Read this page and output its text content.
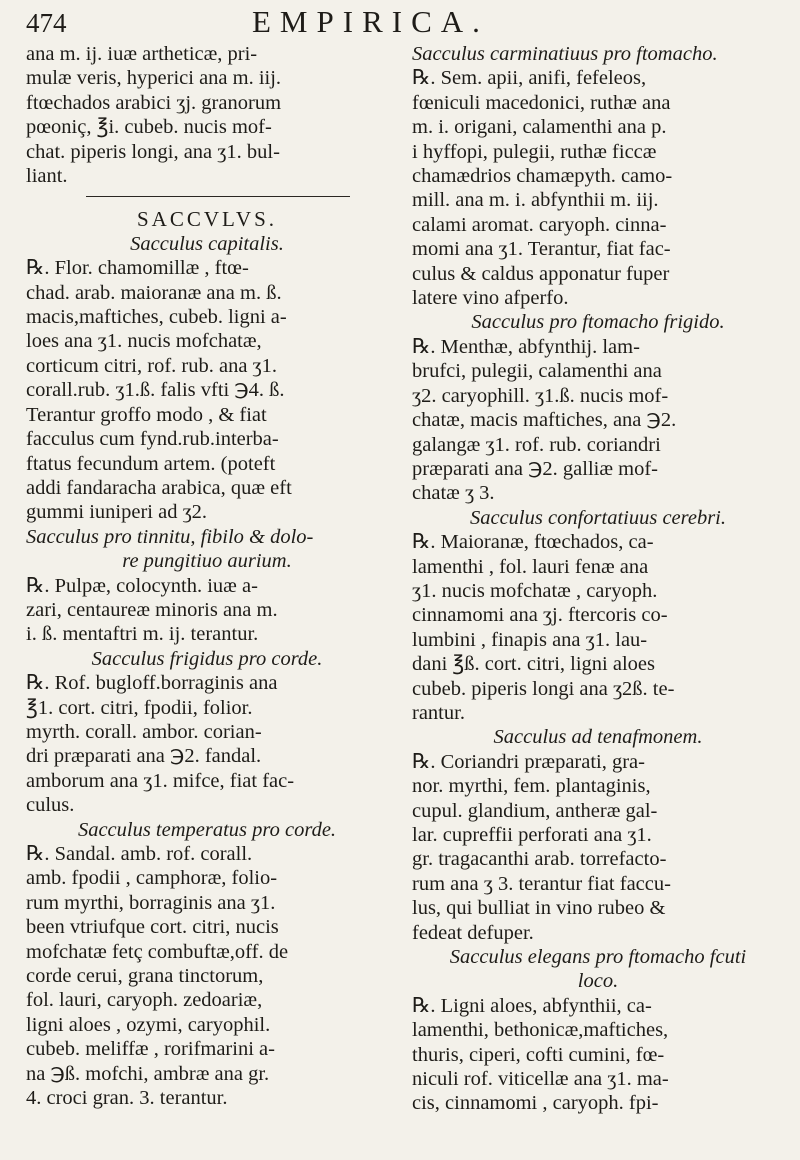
474	EMPIRICA.

ana m. ij. iuæ artheticæ, pri-

mulæ veris, hyperici ana m. iij.

ftœchados arabici ʒj. granorum

pœoniç, ℥i. cubeb. nucis mof-

chat. piperis longi, ana ʒ1. bul-

liant.

SACCVLVS.

Sacculus capitalis.

℞. Flor. chamomillæ , ftœ-

chad. arab. maioranæ ana m. ß.

macis,maftiches, cubeb. ligni a-

loes ana ʒ1. nucis mofchatæ,

corticum citri, rof. rub. ana ʒ1.

corall.rub. ʒ1.ß. falis vfti ℈4. ß.

Terantur groffo modo , & fiat

facculus cum fynd.rub.interba-

ftatus fecundum artem. (poteft

addi fandaracha arabica, quæ eft

gummi iuniperi ad ʒ2.

Sacculus pro tinnitu, fibilo & dolo-

re pungitiuo aurium.

℞. Pulpæ, colocynth. iuæ a-

zari, centaureæ minoris ana m.

i. ß. mentaftri m. ij. terantur.

Sacculus frigidus pro corde.

℞. Rof. bugloff.borraginis ana

℥1. cort. citri, fpodii, folior.

myrth. corall. ambor. corian-

dri præparati ana ℈2. fandal.

amborum ana ʒ1. mifce, fiat fac-

culus.

Sacculus temperatus pro corde.

℞. Sandal. amb. rof. corall.

amb. fpodii , camphoræ, folio-

rum myrthi, borraginis ana ʒ1.

been vtriufque cort. citri, nucis

mofchatæ fetç combuftæ,off. de

corde cerui, grana tinctorum,

fol. lauri, caryoph. zedoariæ,

ligni aloes , ozymi, caryophil.

cubeb. meliffæ , rorifmarini a-

na ℈ß. mofchi, ambræ ana gr.

4. croci gran. 3. terantur.

Sacculus carminatiuus pro ftomacho.

℞. Sem. apii, anifi, fefeleos,

fœniculi macedonici, ruthæ ana

m. i. origani, calamenthi ana p.

i hyffopi, pulegii, ruthæ ficcæ

chamædrios chamæpyth. camo-

mill. ana m. i. abfynthii m. iij.

calami aromat. caryoph. cinna-

momi ana ʒ1. Terantur, fiat fac-

culus & caldus apponatur fuper

latere vino afperfo.

Sacculus pro ftomacho frigido.

℞. Menthæ, abfynthij. lam-

brufci, pulegii, calamenthi ana

ʒ2. caryophill. ʒ1.ß. nucis mof-

chatæ, macis maftiches, ana ℈2.

galangæ ʒ1. rof. rub. coriandri

præparati ana ℈2. galliæ mof-

chatæ ʒ 3.

Sacculus confortatiuus cerebri.

℞. Maioranæ, ftœchados, ca-

lamenthi , fol. lauri fenæ ana

ʒ1. nucis mofchatæ , caryoph.

cinnamomi ana ʒj. ftercoris co-

lumbini , finapis ana ʒ1. lau-

dani ℥ß. cort. citri, ligni aloes

cubeb. piperis longi ana ʒ2ß. te-

rantur.

Sacculus ad tenafmonem.

℞. Coriandri præparati, gra-

nor. myrthi, fem. plantaginis,

cupul. glandium, antheræ gal-

lar. cupreffii perforati ana ʒ1.

gr. tragacanthi arab. torrefacto-

rum ana ʒ 3. terantur fiat faccu-

lus, qui bulliat in vino rubeo &

fedeat defuper.

Sacculus elegans pro ftomacho fcuti

loco.

℞. Ligni aloes, abfynthii, ca-

lamenthi, bethonicæ,maftiches,

thuris, ciperi, cofti cumini, fœ-

niculi rof. viticellæ ana ʒ1. ma-

cis, cinnamomi , caryoph. fpi-
